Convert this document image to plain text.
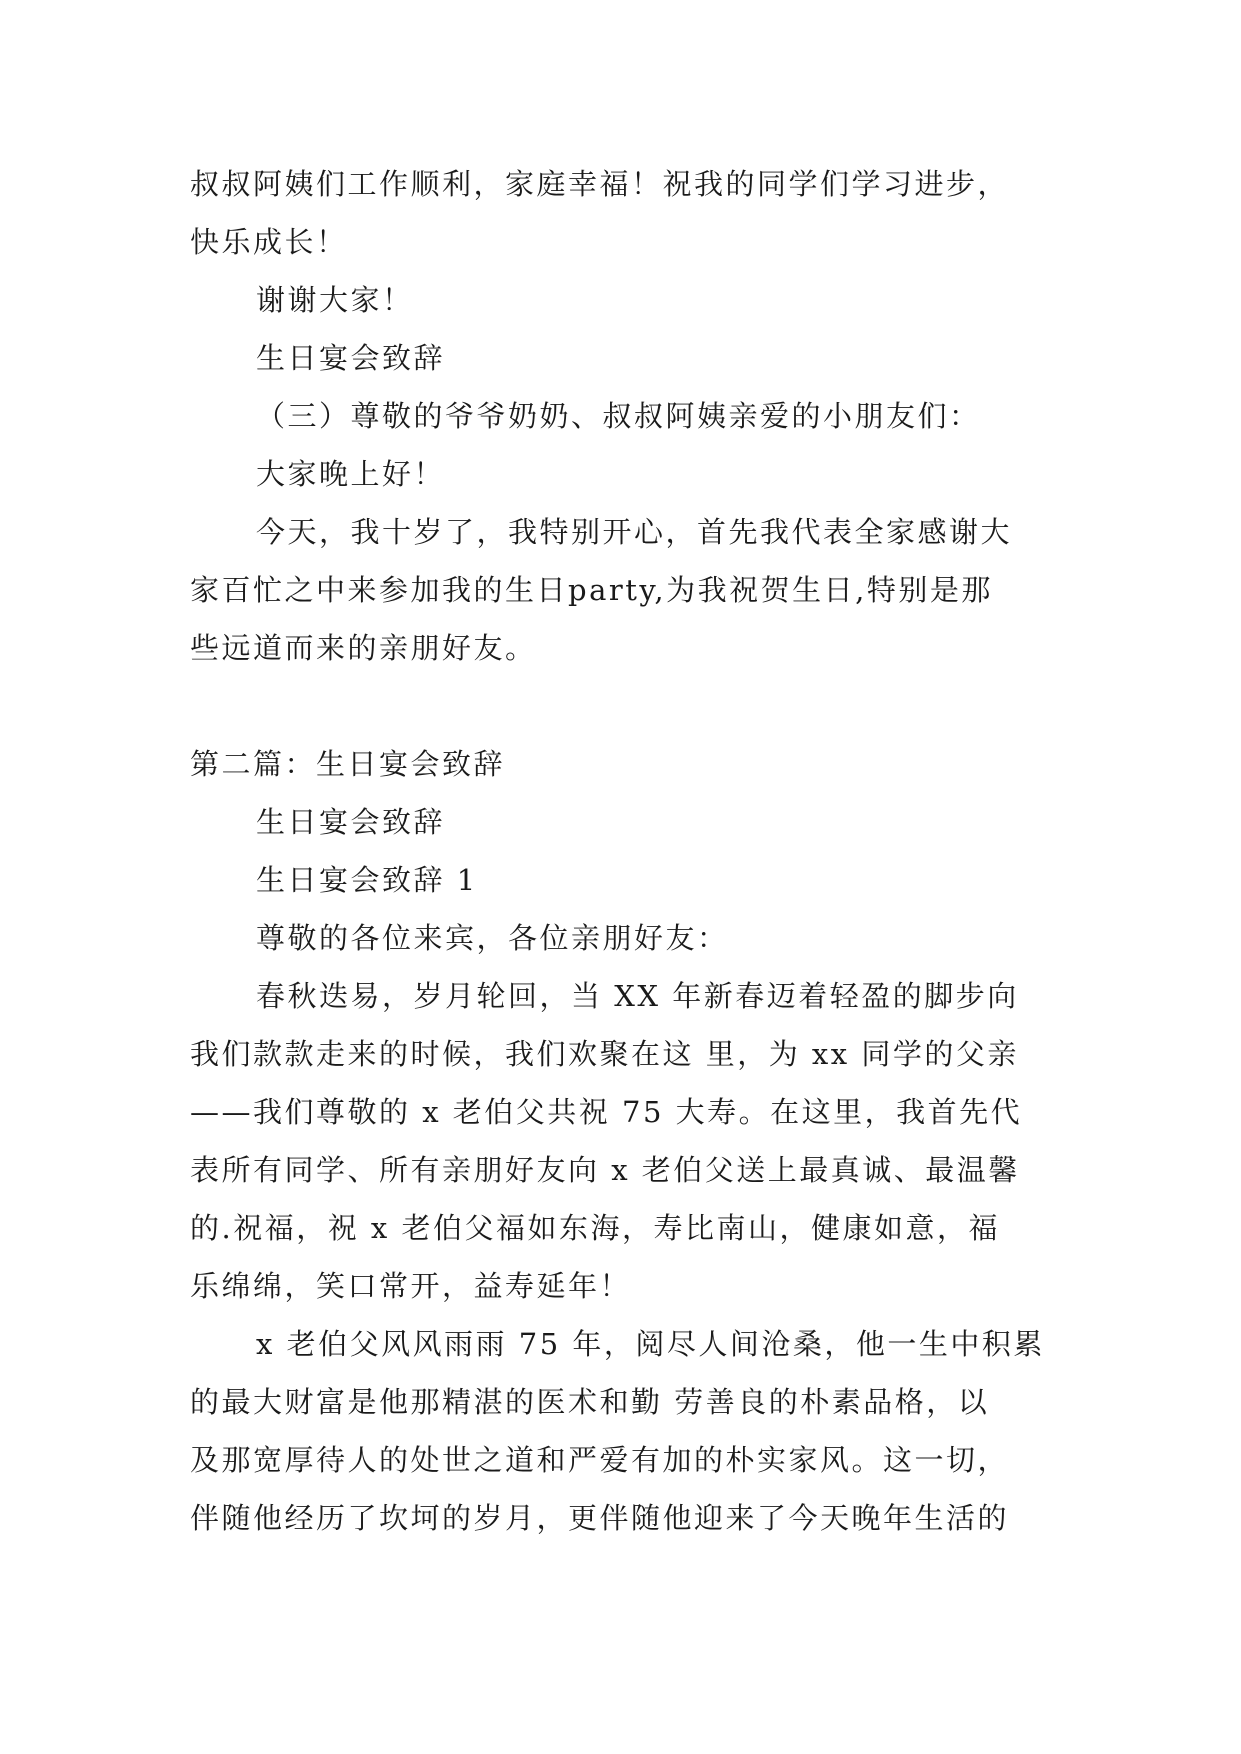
叔叔阿姨们工作顺利，家庭幸福！祝我的同学们学习进步，
快乐成长！
谢谢大家！
生日宴会致辞
（三）尊敬的爷爷奶奶、叔叔阿姨亲爱的小朋友们：
大家晚上好！
今天，我十岁了，我特别开心，首先我代表全家感谢大
家百忙之中来参加我的生日party,为我祝贺生日,特别是那
些远道而来的亲朋好友。
第二篇：生日宴会致辞
生日宴会致辞
生日宴会致辞 1
尊敬的各位来宾，各位亲朋好友：
春秋迭易，岁月轮回，当 XX 年新春迈着轻盈的脚步向
我们款款走来的时候，我们欢聚在这 里，为 xx 同学的父亲
——我们尊敬的 x 老伯父共祝 75 大寿。在这里，我首先代
表所有同学、所有亲朋好友向 x 老伯父送上最真诚、最温馨
的.祝福，祝 x 老伯父福如东海，寿比南山，健康如意，福
乐绵绵，笑口常开，益寿延年！
x 老伯父风风雨雨 75 年，阅尽人间沧桑，他一生中积累
的最大财富是他那精湛的医术和勤 劳善良的朴素品格，以
及那宽厚待人的处世之道和严爱有加的朴实家风。这一切，
伴随他经历了坎坷的岁月，更伴随他迎来了今天晚年生活的
